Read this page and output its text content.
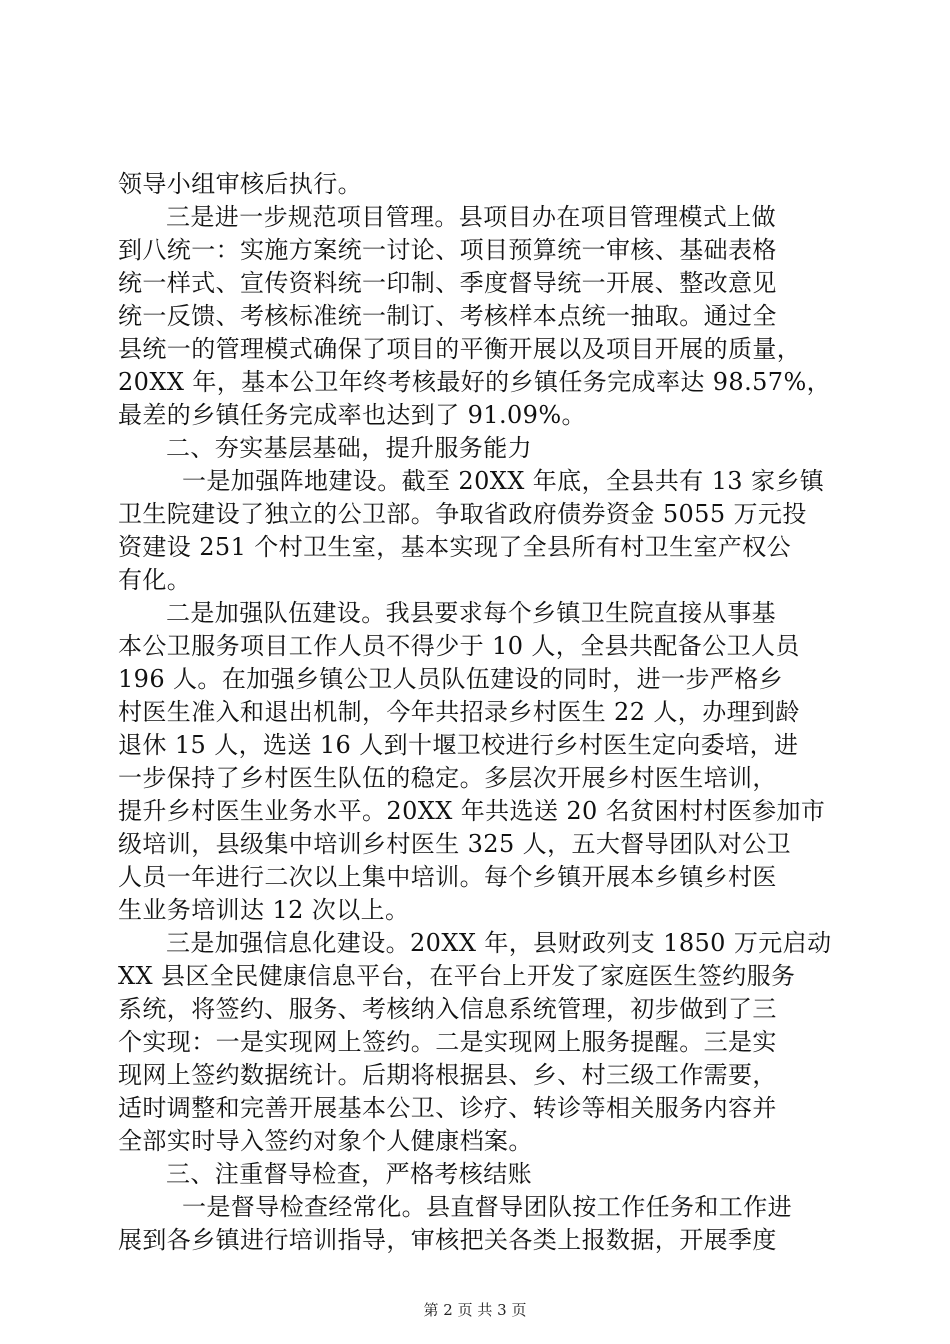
领导小组审核后执行。
三是进一步规范项目管理。县项目办在项目管理模式上做
到八统一：实施方案统一讨论、项目预算统一审核、基础表格
统一样式、宣传资料统一印制、季度督导统一开展、整改意见
统一反馈、考核标准统一制订、考核样本点统一抽取。通过全
县统一的管理模式确保了项目的平衡开展以及项目开展的质量，
20XX 年，基本公卫年终考核最好的乡镇任务完成率达 98.57%，
最差的乡镇任务完成率也达到了 91.09%。
二、夯实基层基础，提升服务能力
一是加强阵地建设。截至 20XX 年底，全县共有 13 家乡镇
卫生院建设了独立的公卫部。争取省政府债券资金 5055 万元投
资建设 251 个村卫生室，基本实现了全县所有村卫生室产权公
有化。
二是加强队伍建设。我县要求每个乡镇卫生院直接从事基
本公卫服务项目工作人员不得少于 10 人，全县共配备公卫人员
196 人。在加强乡镇公卫人员队伍建设的同时，进一步严格乡
村医生准入和退出机制，今年共招录乡村医生 22 人，办理到龄
退休 15 人，选送 16 人到十堰卫校进行乡村医生定向委培，进
一步保持了乡村医生队伍的稳定。多层次开展乡村医生培训，
提升乡村医生业务水平。20XX 年共选送 20 名贫困村村医参加市
级培训，县级集中培训乡村医生 325 人，五大督导团队对公卫
人员一年进行二次以上集中培训。每个乡镇开展本乡镇乡村医
生业务培训达 12 次以上。
三是加强信息化建设。20XX 年，县财政列支 1850 万元启动
XX 县区全民健康信息平台，在平台上开发了家庭医生签约服务
系统，将签约、服务、考核纳入信息系统管理，初步做到了三
个实现：一是实现网上签约。二是实现网上服务提醒。三是实
现网上签约数据统计。后期将根据县、乡、村三级工作需要，
适时调整和完善开展基本公卫、诊疗、转诊等相关服务内容并
全部实时导入签约对象个人健康档案。
三、注重督导检查，严格考核结账
一是督导检查经常化。县直督导团队按工作任务和工作进
展到各乡镇进行培训指导，审核把关各类上报数据，开展季度
第 2 页 共 3 页
